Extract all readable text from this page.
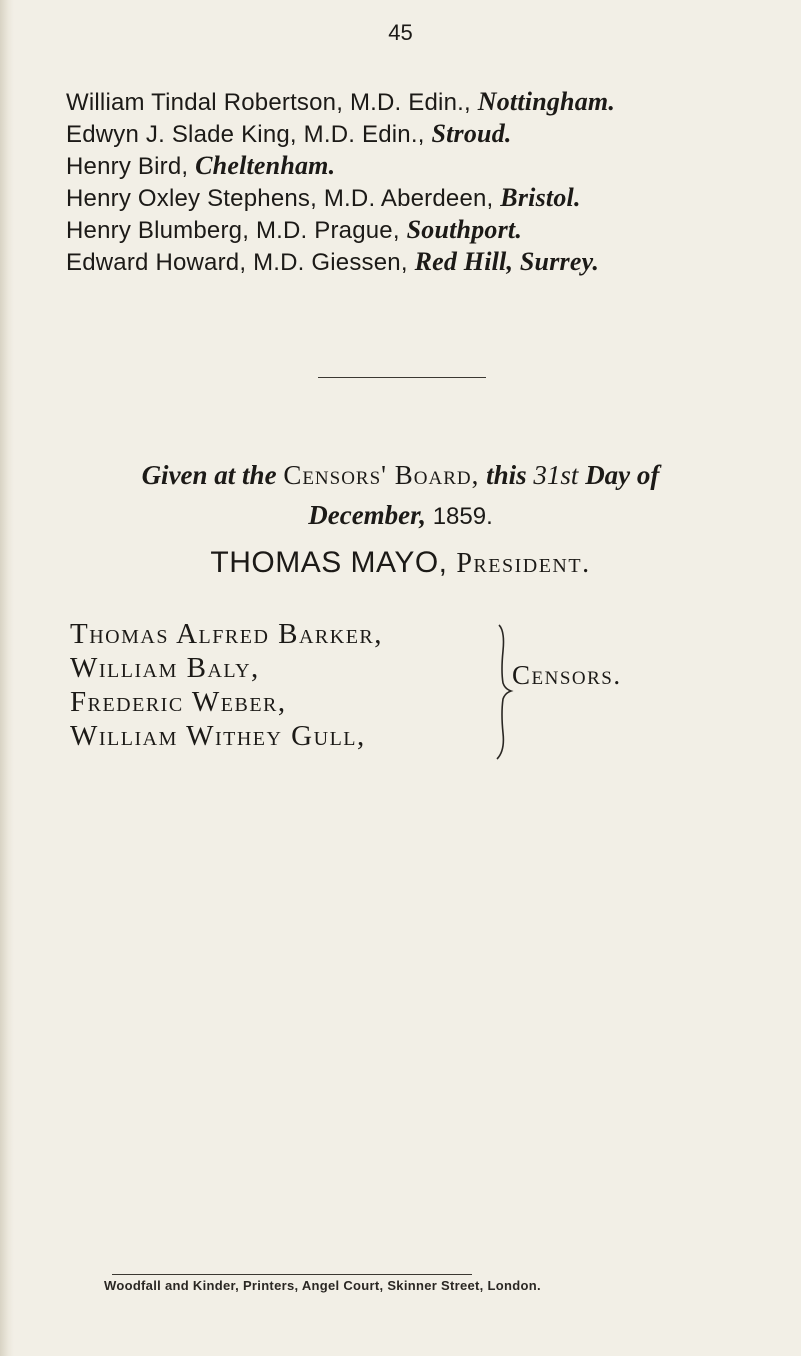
45
William Tindal Robertson, M.D. Edin., Nottingham.
Edwyn J. Slade King, M.D. Edin., Stroud.
Henry Bird, Cheltenham.
Henry Oxley Stephens, M.D. Aberdeen, Bristol.
Henry Blumberg, M.D. Prague, Southport.
Edward Howard, M.D. Giessen, Red Hill, Surrey.
Given at the Censors' Board, this 31st Day of
December, 1859.
THOMAS MAYO, President.
Thomas Alfred Barker,
William Baly,
Frederic Weber,
William Withey Gull,
Censors.
Woodfall and Kinder, Printers, Angel Court, Skinner Street, London.
